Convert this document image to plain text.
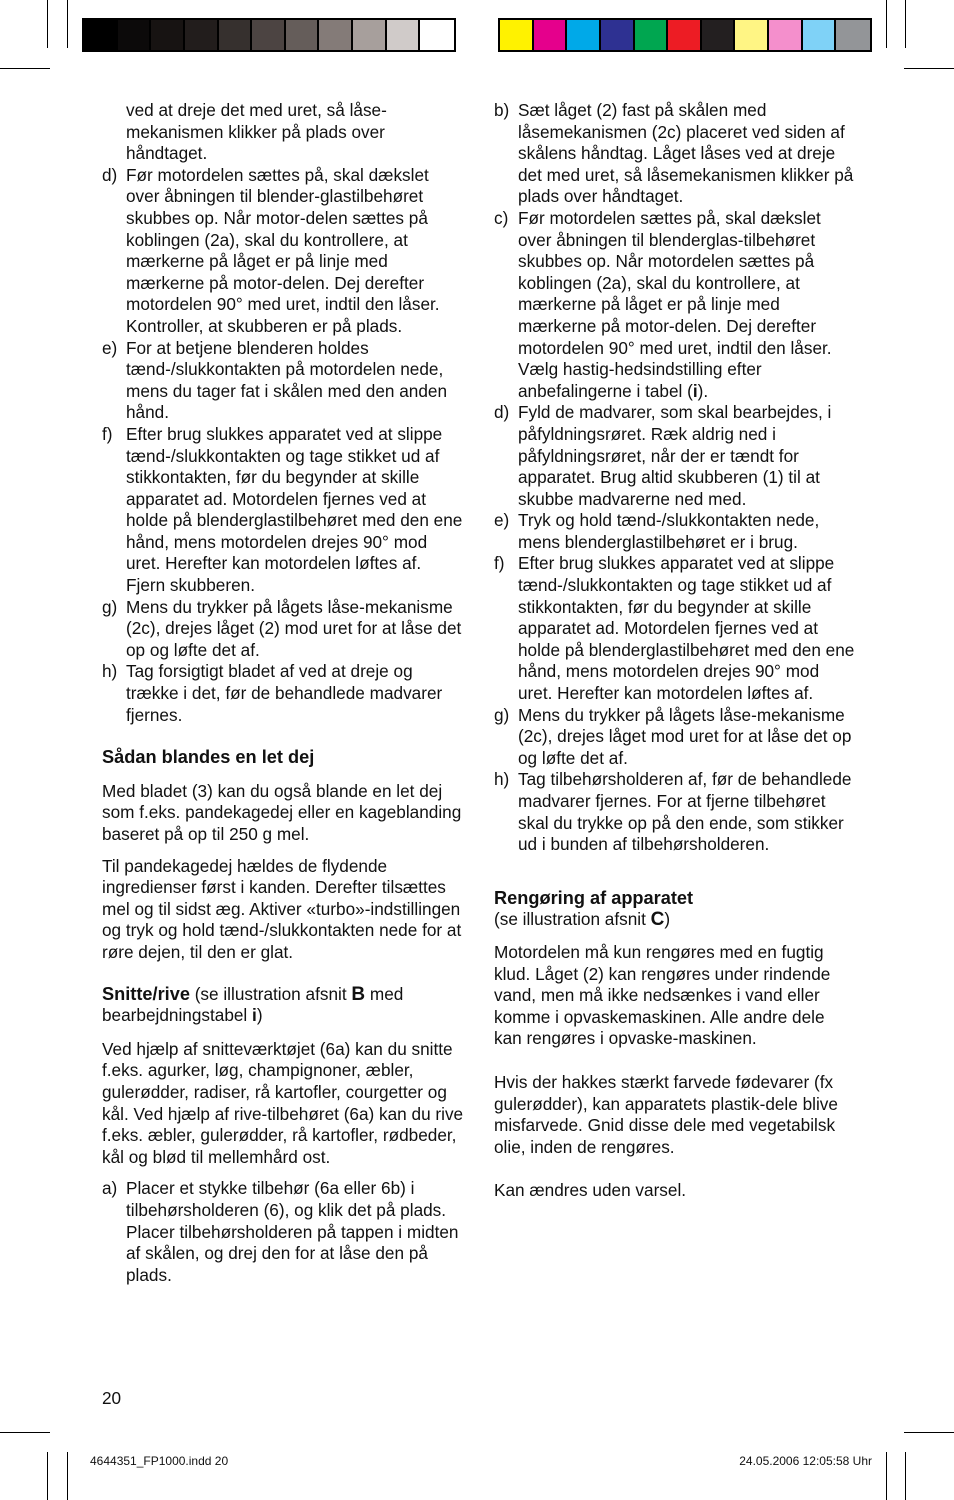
ved at dreje det med uret, så låse-mekanismen klikker på plads over håndtaget.
d) Før motordelen sættes på, skal dækslet over åbningen til blender-glastilbehøret skubbes op. Når motor-delen sættes på koblingen (2a), skal du kontrollere, at mærkerne på låget er på linje med mærkerne på motor-delen. Dej derefter motordelen 90° med uret, indtil den låser. Kontroller, at skubberen er på plads.
e) For at betjene blenderen holdes tænd-/slukkontakten på motordelen nede, mens du tager fat i skålen med den anden hånd.
f) Efter brug slukkes apparatet ved at slippe tænd-/slukkontakten og tage stikket ud af stikkontakten, før du begynder at skille apparatet ad. Motordelen fjernes ved at holde på blenderglastilbehøret med den ene hånd, mens motordelen drejes 90° mod uret. Herefter kan motordelen løftes af. Fjern skubberen.
g) Mens du trykker på lågets låse-mekanisme (2c), drejes låget (2) mod uret for at låse det op og løfte det af.
h) Tag forsigtigt bladet af ved at dreje og trække i det, før de behandlede madvarer fjernes.
Sådan blandes en let dej

Med bladet (3) kan du også blande en let dej som f.eks. pandekagedej eller en kageblanding baseret på op til 250 g mel.

Til pandekagedej hældes de flydende ingredienser først i kanden. Derefter tilsættes mel og til sidst æg. Aktiver «turbo»-indstillingen og tryk og hold tænd-/slukkontakten nede for at røre dejen, til den er glat.

Snitte/rive (se illustration afsnit B med bearbejdningstabel i)

Ved hjælp af snitteværktøjet (6a) kan du snitte f.eks. agurker, løg, champignoner, æbler, gulerødder, radiser, rå kartofler, courgetter og kål. Ved hjælp af rive-tilbehøret (6a) kan du rive f.eks. æbler, gulerødder, rå kartofler, rødbeder, kål og blød til mellemhård ost.

a) Placer et stykke tilbehør (6a eller 6b) i tilbehørsholderen (6), og klik det på plads. Placer tilbehørsholderen på tappen i midten af skålen, og drej den for at låse den på plads.
b) Sæt låget (2) fast på skålen med låsemekanismen (2c) placeret ved siden af skålens håndtag. Låget låses ved at dreje det med uret, så låsemekanismen klikker på plads over håndtaget.
c) Før motordelen sættes på, skal dækslet over åbningen til blenderglas-tilbehøret skubbes op. Når motordelen sættes på koblingen (2a), skal du kontrollere, at mærkerne på låget er på linje med mærkerne på motor-delen. Dej derefter motordelen 90° med uret, indtil den låser. Vælg hastig-hedsindstilling efter anbefalingerne i tabel (i).
d) Fyld de madvarer, som skal bearbejdes, i påfyldningsrøret. Ræk aldrig ned i påfyldningsrøret, når der er tændt for apparatet. Brug altid skubberen (1) til at skubbe madvarerne ned med.
e) Tryk og hold tænd-/slukkontakten nede, mens blenderglastilbehøret er i brug.
f) Efter brug slukkes apparatet ved at slippe tænd-/slukkontakten og tage stikket ud af stikkontakten, før du begynder at skille apparatet ad. Motordelen fjernes ved at holde på blenderglastilbehøret med den ene hånd, mens motordelen drejes 90° mod uret. Herefter kan motordelen løftes af.
g) Mens du trykker på lågets låse-mekanisme (2c), drejes låget mod uret for at låse det op og løfte det af.
h) Tag tilbehørsholderen af, før de behandlede madvarer fjernes. For at fjerne tilbehøret skal du trykke op på den ende, som stikker ud i bunden af tilbehørsholderen.
Rengøring af apparatet
(se illustration afsnit C)

Motordelen må kun rengøres med en fugtig klud. Låget (2) kan rengøres under rindende vand, men må ikke nedsænkes i vand eller komme i opvaskemaskinen. Alle andre dele kan rengøres i opvaske-maskinen.

Hvis der hakkes stærkt farvede fødevarer (fx gulerødder), kan apparatets plastik-dele blive misfarvede. Gnid disse dele med vegetabilsk olie, inden de rengøres.

Kan ændres uden varsel.

20
4644351_FP1000.indd 20	24.05.2006 12:05:58 Uhr
